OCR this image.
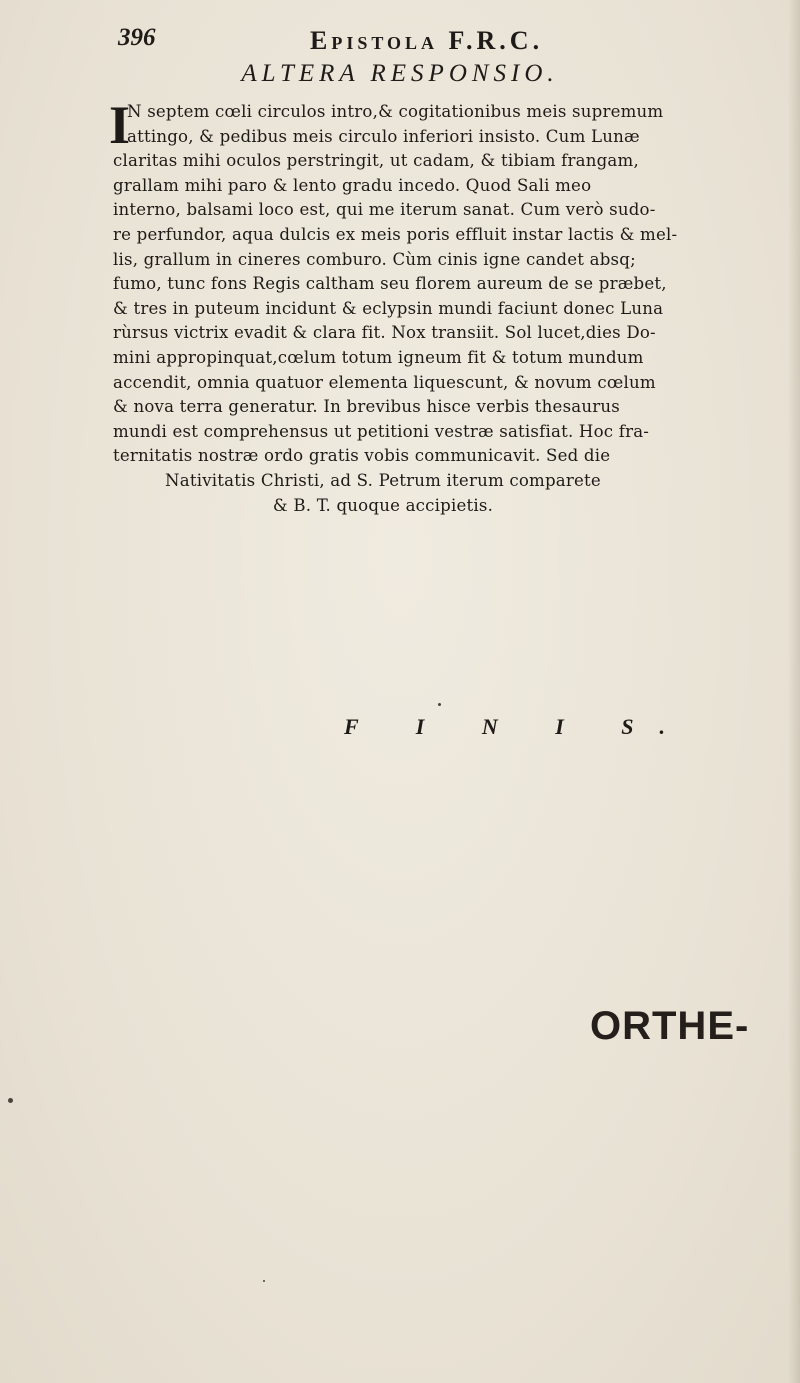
396	Epistola F.R.C.
ALTERA RESPONSIO.
I
N septem cœli circulos intro,& cogitationibus meis supremum
attingo, & pedibus meis circulo inferiori insisto. Cum Lunæ
claritas mihi oculos perstringit, ut cadam, & tibiam frangam,
grallam mihi paro & lento gradu incedo. Quod Sali meo
interno, balsami loco est, qui me iterum sanat. Cum verò sudo-
re perfundor, aqua dulcis ex meis poris effluit instar lactis & mel-
lis, grallum in cineres comburo. Cùm cinis igne candet absq;
fumo, tunc fons Regis caltham seu florem aureum de se præbet,
& tres in puteum incidunt & eclypsin mundi faciunt donec Luna
rùrsus victrix evadit & clara fit. Nox transiit. Sol lucet,dies Do-
mini appropinquat,cœlum totum igneum fit & totum mundum
accendit, omnia quatuor elementa liquescunt, & novum cœlum
& nova terra generatur. In brevibus hisce verbis thesaurus
mundi est comprehensus ut petitioni vestræ satisfiat. Hoc fra-
ternitatis nostræ ordo gratis vobis communicavit. Sed die
Nativitatis Christi, ad S. Petrum iterum comparete
& B. T. quoque accipietis.
F I N I S.
ORTHE-
